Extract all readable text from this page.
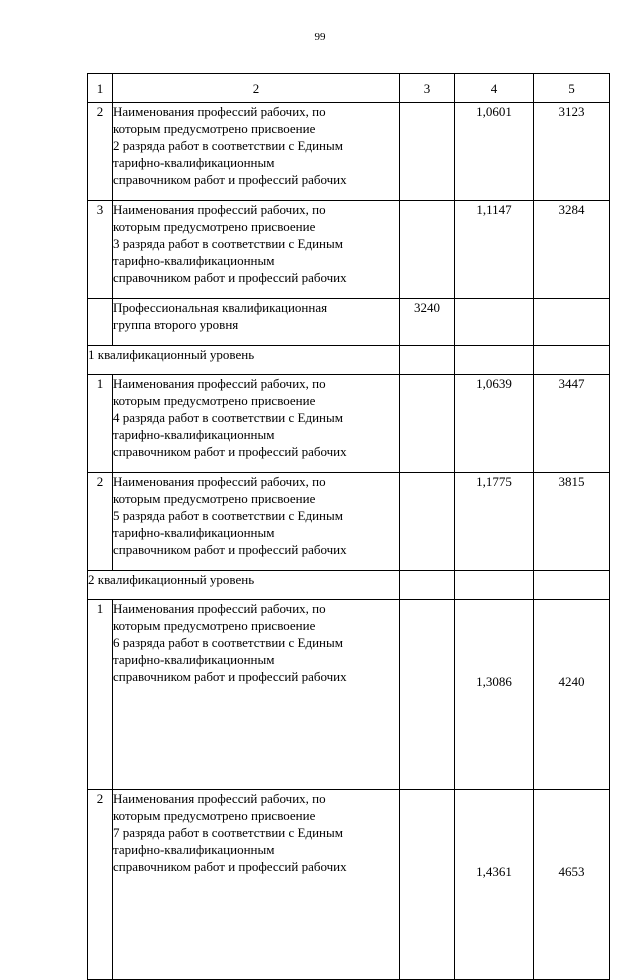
99
1	2	3	4	5
2	Наименования профессий рабочих, по
которым предусмотрено присвоение
2 разряда работ в соответствии с Единым
тарифно-квалификационным
справочником работ и профессий рабочих		1,0601	3123
3	Наименования профессий рабочих, по
которым предусмотрено присвоение
3 разряда работ в соответствии с Единым
тарифно-квалификационным
справочником работ и профессий рабочих		1,1147	3284

	Профессиональная квалификационная
группа второго уровня	3240		
1 квалификационный уровень				
1	Наименования профессий рабочих, по
которым предусмотрено присвоение
4 разряда работ в соответствии с Единым
тарифно-квалификационным
справочником работ и профессий рабочих		1,0639	3447
2	Наименования профессий рабочих, по
которым предусмотрено присвоение
5 разряда работ в соответствии с Единым
тарифно-квалификационным
справочником работ и профессий рабочих		1,1775	3815
2 квалификационный уровень				
1	Наименования профессий рабочих, по
которым предусмотрено присвоение
6 разряда работ в соответствии с Единым
тарифно-квалификационным
справочником работ и профессий рабочих		1,3086	4240
2	Наименования профессий рабочих, по
которым предусмотрено присвоение
7 разряда работ в соответствии с Единым
тарифно-квалификационным
справочником работ и профессий рабочих		1,4361	4653
